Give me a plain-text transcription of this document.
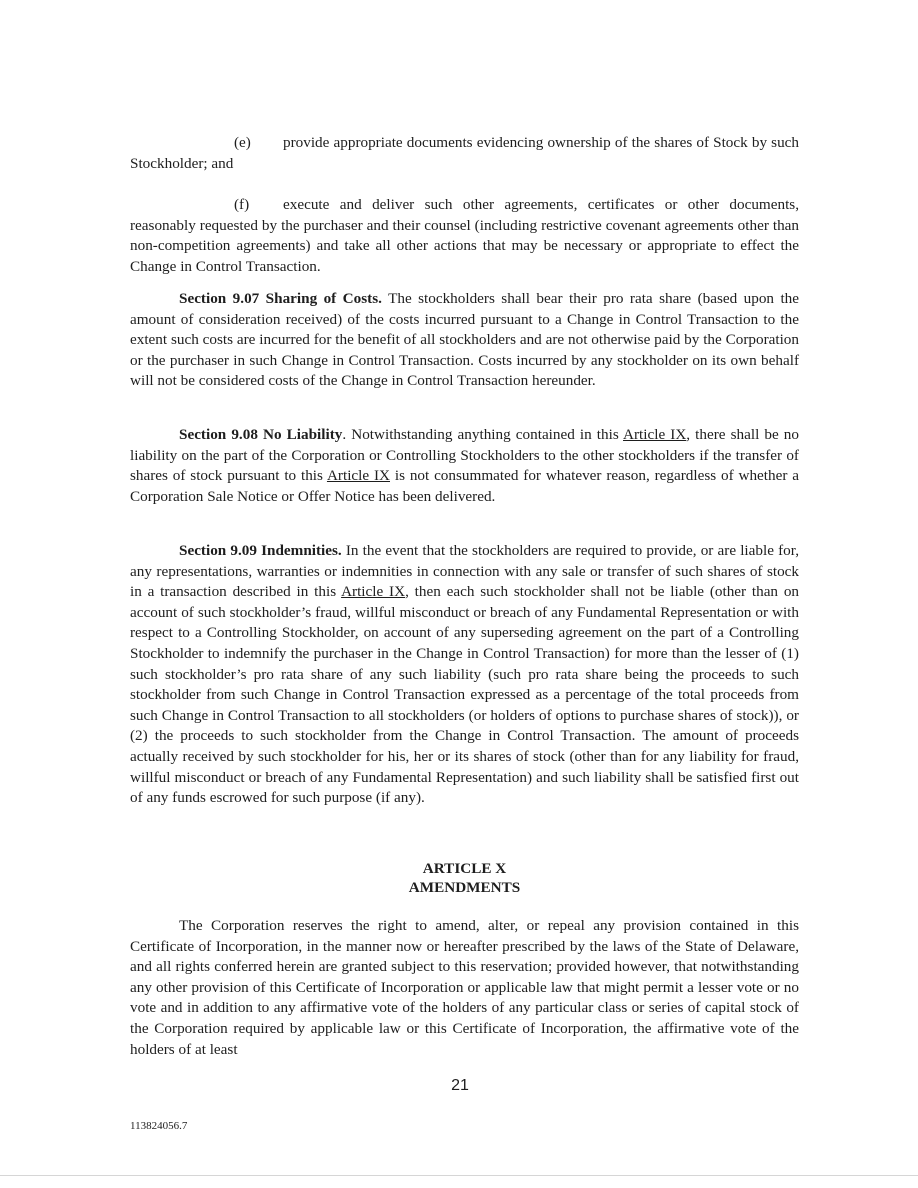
(e) provide appropriate documents evidencing ownership of the shares of Stock by such Stockholder; and

(f) execute and deliver such other agreements, certificates or other documents, reasonably requested by the purchaser and their counsel (including restrictive covenant agreements other than non-competition agreements) and take all other actions that may be necessary or appropriate to effect the Change in Control Transaction.

Section 9.07 Sharing of Costs. The stockholders shall bear their pro rata share (based upon the amount of consideration received) of the costs incurred pursuant to a Change in Control Transaction to the extent such costs are incurred for the benefit of all stockholders and are not otherwise paid by the Corporation or the purchaser in such Change in Control Transaction. Costs incurred by any stockholder on its own behalf will not be considered costs of the Change in Control Transaction hereunder.

Section 9.08 No Liability. Notwithstanding anything contained in this Article IX, there shall be no liability on the part of the Corporation or Controlling Stockholders to the other stockholders if the transfer of shares of stock pursuant to this Article IX is not consummated for whatever reason, regardless of whether a Corporation Sale Notice or Offer Notice has been delivered.

Section 9.09 Indemnities. In the event that the stockholders are required to provide, or are liable for, any representations, warranties or indemnities in connection with any sale or transfer of such shares of stock in a transaction described in this Article IX, then each such stockholder shall not be liable (other than on account of such stockholder’s fraud, willful misconduct or breach of any Fundamental Representation or with respect to a Controlling Stockholder, on account of any superseding agreement on the part of a Controlling Stockholder to indemnify the purchaser in the Change in Control Transaction) for more than the lesser of (1) such stockholder’s pro rata share of any such liability (such pro rata share being the proceeds to such stockholder from such Change in Control Transaction expressed as a percentage of the total proceeds from such Change in Control Transaction to all stockholders (or holders of options to purchase shares of stock)), or (2) the proceeds to such stockholder from the Change in Control Transaction. The amount of proceeds actually received by such stockholder for his, her or its shares of stock (other than for any liability for fraud, willful misconduct or breach of any Fundamental Representation) and such liability shall be satisfied first out of any funds escrowed for such purpose (if any).

ARTICLE X
AMENDMENTS

The Corporation reserves the right to amend, alter, or repeal any provision contained in this Certificate of Incorporation, in the manner now or hereafter prescribed by the laws of the State of Delaware, and all rights conferred herein are granted subject to this reservation; provided however, that notwithstanding any other provision of this Certificate of Incorporation or applicable law that might permit a lesser vote or no vote and in addition to any affirmative vote of the holders of any particular class or series of capital stock of the Corporation required by applicable law or this Certificate of Incorporation, the affirmative vote of the holders of at least

21
113824056.7
